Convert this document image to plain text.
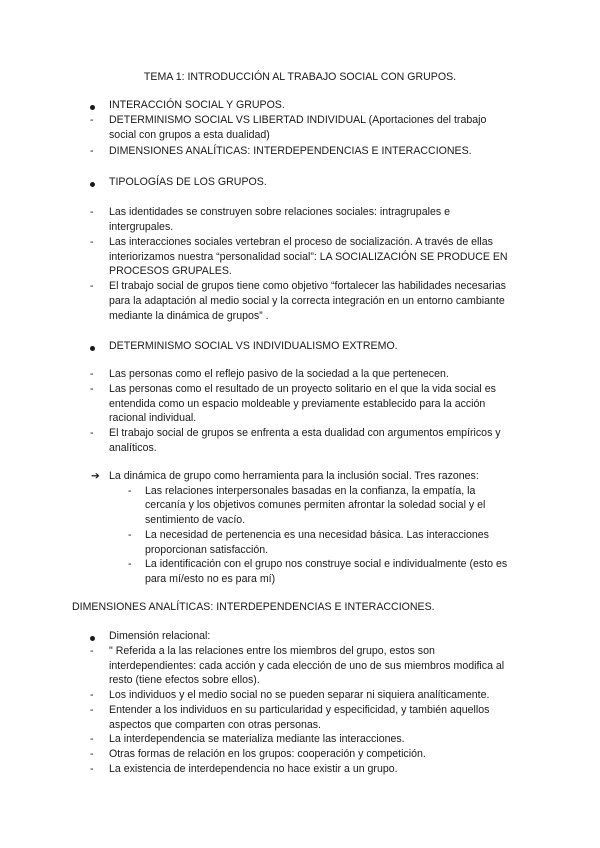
TEMA 1: INTRODUCCIÓN AL TRABAJO SOCIAL CON GRUPOS.
INTERACCIÓN SOCIAL Y GRUPOS.
- DETERMINISMO SOCIAL VS LIBERTAD INDIVIDUAL (Aportaciones del trabajo
social con grupos a esta dualidad)
- DIMENSIONES ANALÍTICAS: INTERDEPENDENCIAS E INTERACCIONES.
TIPOLOGÍAS DE LOS GRUPOS.
- Las identidades se construyen sobre relaciones sociales: intragrupales e
intergrupales.
- Las interacciones sociales vertebran el proceso de socialización. A través de ellas
interiorizamos nuestra “personalidad social”: LA SOCIALIZACIÓN SE PRODUCE EN
PROCESOS GRUPALES.
- El trabajo social de grupos tiene como objetivo “fortalecer las habilidades necesarias
para la adaptación al medio social y la correcta integración en un entorno cambiante
mediante la dinámica de grupos” .
DETERMINISMO SOCIAL VS INDIVIDUALISMO EXTREMO.
- Las personas como el reflejo pasivo de la sociedad a la que pertenecen.
- Las personas como el resultado de un proyecto solitario en el que la vida social es
entendida como un espacio moldeable y previamente establecido para la acción
racional individual.
- El trabajo social de grupos se enfrenta a esta dualidad con argumentos empíricos y
analíticos.
➔ La dinámica de grupo como herramienta para la inclusión social. Tres razones:
- Las relaciones interpersonales basadas en la confianza, la empatía, la
cercanía y los objetivos comunes permiten afrontar la soledad social y el
sentimiento de vacío.
- La necesidad de pertenencia es una necesidad básica. Las interacciones
proporcionan satisfacción.
- La identificación con el grupo nos construye social e individualmente (esto es
para mí/esto no es para mí)
DIMENSIONES ANALÍTICAS: INTERDEPENDENCIAS E INTERACCIONES.
Dimensión relacional:
- " Referida a la las relaciones entre los miembros del grupo, estos son
interdependientes: cada acción y cada elección de uno de sus miembros modifica al
resto (tiene efectos sobre ellos).
- Los individuos y el medio social no se pueden separar ni siquiera analíticamente.
- Entender a los individuos en su particularidad y especificidad, y también aquellos
aspectos que comparten con otras personas.
- La interdependencia se materializa mediante las interacciones.
- Otras formas de relación en los grupos: cooperación y competición.
- La existencia de interdependencia no hace existir a un grupo.
